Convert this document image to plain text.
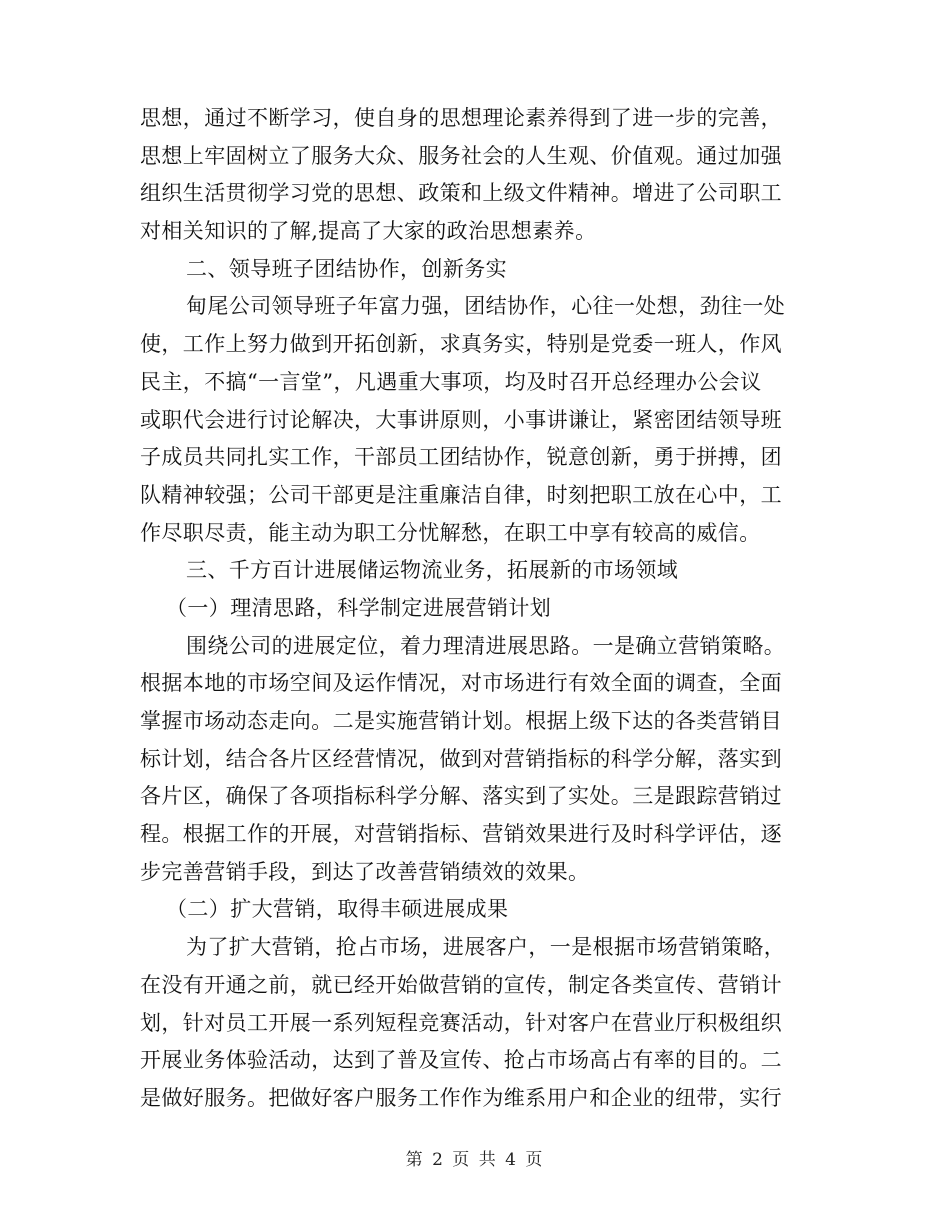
思想，通过不断学习，使自身的思想理论素养得到了进一步的完善，
思想上牢固树立了服务大众、服务社会的人生观、价值观。通过加强
组织生活贯彻学习党的思想、政策和上级文件精神。增进了公司职工
对相关知识的了解,提高了大家的政治思想素养。
二、领导班子团结协作，创新务实
甸尾公司领导班子年富力强，团结协作，心往一处想，劲往一处
使，工作上努力做到开拓创新，求真务实，特别是党委一班人，作风
民主，不搞“一言堂”，凡遇重大事项，均及时召开总经理办公会议
或职代会进行讨论解决，大事讲原则，小事讲谦让，紧密团结领导班
子成员共同扎实工作，干部员工团结协作，锐意创新，勇于拼搏，团
队精神较强；公司干部更是注重廉洁自律，时刻把职工放在心中，工
作尽职尽责，能主动为职工分忧解愁，在职工中享有较高的威信。
三、千方百计进展储运物流业务，拓展新的市场领域
（一）理清思路，科学制定进展营销计划
围绕公司的进展定位，着力理清进展思路。一是确立营销策略。
根据本地的市场空间及运作情况，对市场进行有效全面的调查，全面
掌握市场动态走向。二是实施营销计划。根据上级下达的各类营销目
标计划，结合各片区经营情况，做到对营销指标的科学分解，落实到
各片区，确保了各项指标科学分解、落实到了实处。三是跟踪营销过
程。根据工作的开展，对营销指标、营销效果进行及时科学评估，逐
步完善营销手段，到达了改善营销绩效的效果。
（二）扩大营销，取得丰硕进展成果
为了扩大营销，抢占市场，进展客户，一是根据市场营销策略，
在没有开通之前，就已经开始做营销的宣传，制定各类宣传、营销计
划，针对员工开展一系列短程竞赛活动，针对客户在营业厅积极组织
开展业务体验活动，达到了普及宣传、抢占市场高占有率的目的。二
是做好服务。把做好客户服务工作作为维系用户和企业的纽带，实行
第 2 页 共 4 页
